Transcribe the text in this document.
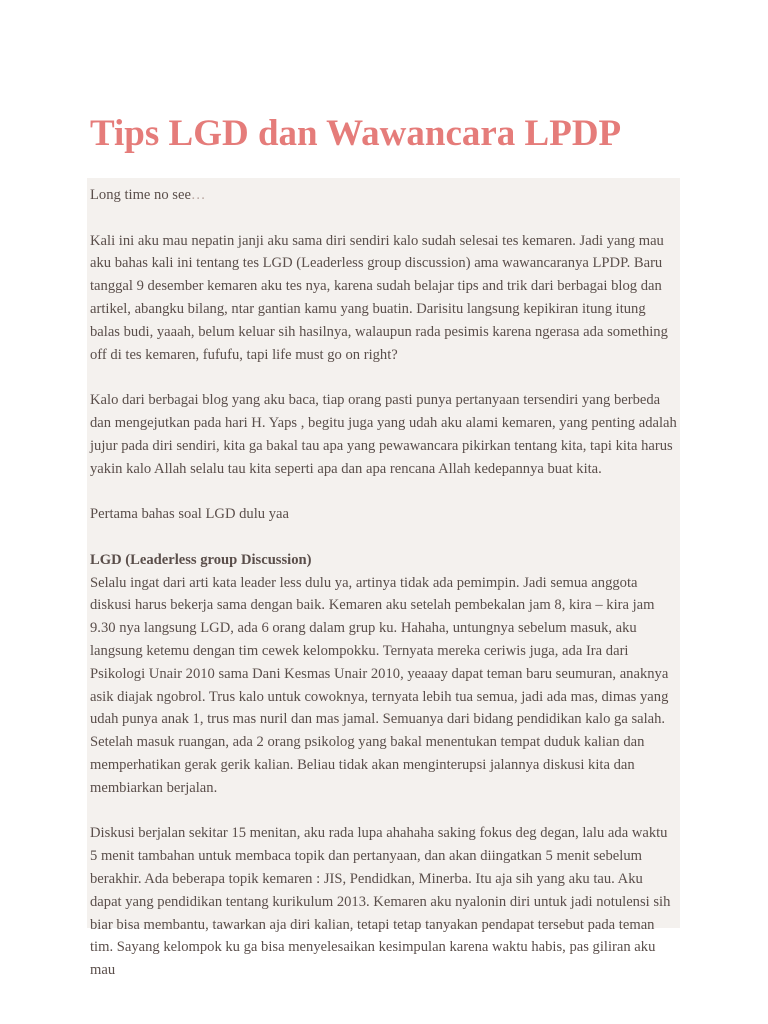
Tips LGD dan Wawancara LPDP

Long time no see…

Kali ini aku mau nepatin janji aku sama diri sendiri kalo sudah selesai tes kemaren. Jadi yang mau aku bahas kali ini tentang tes LGD (Leaderless group discussion) ama wawancaranya LPDP. Baru tanggal 9 desember kemaren aku tes nya, karena sudah belajar tips and trik dari berbagai blog dan artikel, abangku bilang, ntar gantian kamu yang buatin. Darisitu langsung kepikiran itung itung balas budi, yaaah, belum keluar sih hasilnya, walaupun rada pesimis karena ngerasa ada something off di tes kemaren, fufufu, tapi life must go on right?

Kalo dari berbagai blog yang aku baca, tiap orang pasti punya pertanyaan tersendiri yang berbeda dan mengejutkan pada hari H. Yaps , begitu juga yang udah aku alami kemaren, yang penting adalah jujur pada diri sendiri, kita ga bakal tau apa yang pewawancara pikirkan tentang kita, tapi kita harus yakin kalo Allah selalu tau kita seperti apa dan apa rencana Allah kedepannya buat kita.

Pertama bahas soal LGD dulu yaa

LGD (Leaderless group Discussion)
Selalu ingat dari arti kata leader less dulu ya, artinya tidak ada pemimpin. Jadi semua anggota diskusi harus bekerja sama dengan baik. Kemaren aku setelah pembekalan jam 8, kira – kira jam 9.30 nya langsung LGD, ada 6 orang dalam grup ku. Hahaha, untungnya sebelum masuk, aku langsung ketemu dengan tim cewek kelompokku. Ternyata mereka ceriwis juga, ada Ira dari Psikologi Unair 2010 sama Dani Kesmas Unair 2010, yeaaay dapat teman baru seumuran, anaknya asik diajak ngobrol. Trus kalo untuk cowoknya, ternyata lebih tua semua, jadi ada mas, dimas yang udah punya anak 1, trus mas nuril dan mas jamal. Semuanya dari bidang pendidikan kalo ga salah. Setelah masuk ruangan, ada 2 orang psikolog yang bakal menentukan tempat duduk kalian dan memperhatikan gerak gerik kalian. Beliau tidak akan menginterupsi jalannya diskusi kita dan membiarkan berjalan.

Diskusi berjalan sekitar 15 menitan, aku rada lupa ahahaha saking fokus deg degan, lalu ada waktu 5 menit tambahan untuk membaca topik dan pertanyaan, dan akan diingatkan 5 menit sebelum berakhir. Ada beberapa topik kemaren : JIS, Pendidkan, Minerba. Itu aja sih yang aku tau. Aku dapat yang pendidikan tentang kurikulum 2013. Kemaren aku nyalonin diri untuk jadi notulensi sih biar bisa membantu, tawarkan aja diri kalian, tetapi tetap tanyakan pendapat tersebut pada teman tim. Sayang kelompok ku ga bisa menyelesaikan kesimpulan karena waktu habis, pas giliran aku mau
